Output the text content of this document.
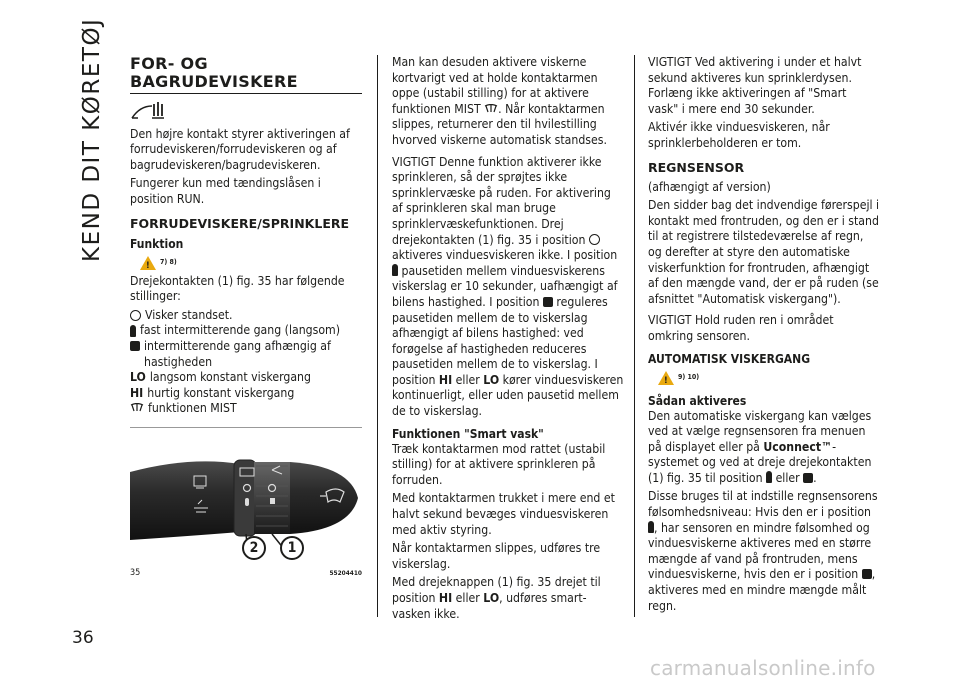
KEND DIT KØRETØJ
36
FOR- OG
BAGRUDEVISKERE

Den højre kontakt styrer aktiveringen af forrudeviskeren/forrudeviskeren og af bagrudeviskeren/bagrudeviskeren.

Fungerer kun med tændingslåsen i position RUN.

FORRUDEVISKERE/SPRINKLERE
Funktion
!
7) 8)

Drejekontakten (1) fig. 35 har følgende stillinger:

Visker standset.
fast intermitterende gang (langsom)
intermitterende gang afhængig af hastigheden
LO langsom konstant viskergang
HI hurtig konstant viskergang
funktionen MIST
2	1
35	55204410

Man kan desuden aktivere viskerne kortvarigt ved at holde kontaktarmen oppe (ustabil stilling) for at aktivere funktionen MIST . Når kontaktarmen slippes, returnerer den til hvilestilling hvorved viskerne automatisk standses.

VIGTIGT Denne funktion aktiverer ikke sprinkleren, så der sprøjtes ikke sprinklervæske på ruden. For aktivering af sprinkleren skal man bruge sprinklervæskefunktionen. Drej drejekontakten (1) fig. 35 i position  aktiveres vinduesviskeren ikke. I position  pausetiden mellem vinduesviskerens viskerslag er 10 sekunder, uafhængigt af bilens hastighed. I position reguleres pausetiden mellem de to viskerslag afhængigt af bilens hastighed: ved forøgelse af hastigheden reduceres pausetiden mellem de to viskerslag. I position HI eller LO kører vinduesviskeren kontinuerligt, eller uden pausetid mellem de to viskerslag.

Funktionen "Smart vask"

Træk kontaktarmen mod rattet (ustabil stilling) for at aktivere sprinkleren på forruden.

Med kontaktarmen trukket i mere end et halvt sekund bevæges vinduesviskeren med aktiv styring.

Når kontaktarmen slippes, udføres tre viskerslag.

Med drejeknappen (1) fig. 35 drejet til position HI eller LO, udføres smart-vasken ikke.

VIGTIGT Ved aktivering i under et halvt sekund aktiveres kun sprinklerdysen. Forlæng ikke aktiveringen af "Smart vask" i mere end 30 sekunder.

Aktivér ikke vinduesviskeren, når sprinklerbeholderen er tom.

REGNSENSOR

(afhængigt af version)

Den sidder bag det indvendige førerspejl i kontakt med frontruden, og den er i stand til at registrere tilstedeværelse af regn, og derefter at styre den automatiske viskerfunktion for frontruden, afhængigt af den mængde vand, der er på ruden (se afsnittet "Automatisk viskergang").

VIGTIGT Hold ruden ren i området omkring sensoren.

AUTOMATISK VISKERGANG
!
9) 10)
Sådan aktiveres

Den automatiske viskergang kan vælges ved at vælge regnsensoren fra menuen på displayet eller på Uconnect™-systemet og ved at dreje drejekontakten (1) fig. 35 til position eller .

Disse bruges til at indstille regnsensorens følsomhedsniveau: Hvis den er i position , har sensoren en mindre følsomhed og vinduesviskerne aktiveres med en større mængde af vand på frontruden, mens vinduesviskerne, hvis den er i position , aktiveres med en mindre mængde målt regn.

carmanualsonline.info
